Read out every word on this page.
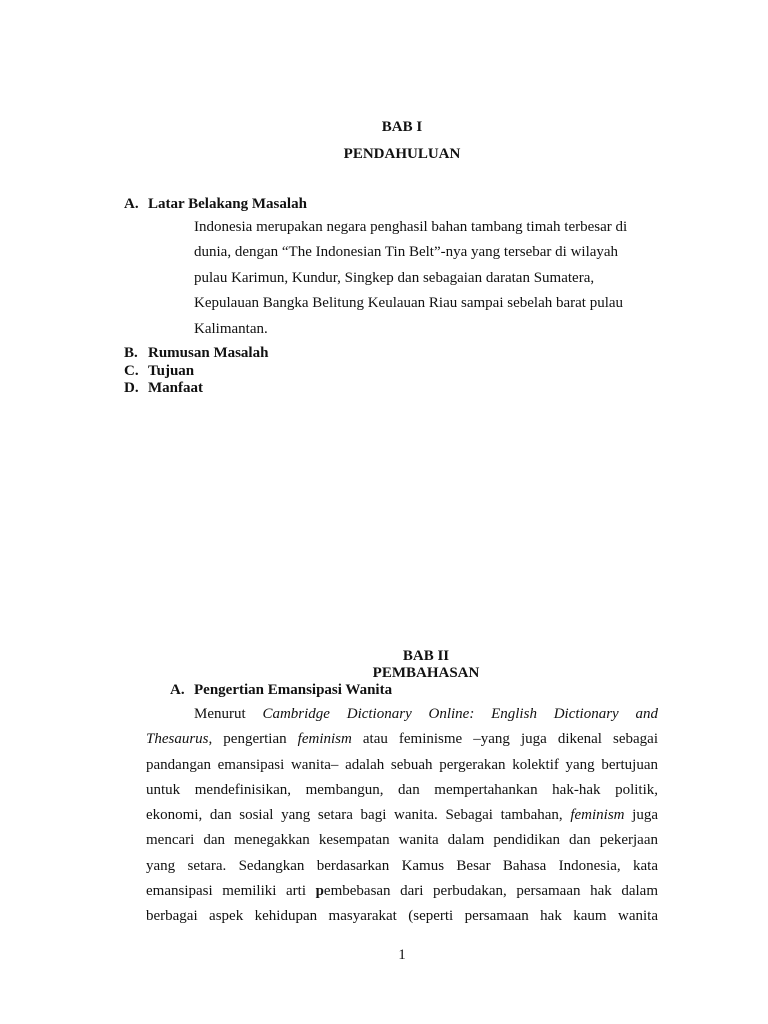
BAB I
PENDAHULUAN
A. Latar Belakang Masalah
Indonesia merupakan negara penghasil bahan tambang timah terbesar di
dunia, dengan “The Indonesian Tin Belt”-nya yang tersebar di wilayah
pulau Karimun, Kundur, Singkep dan sebagaian daratan Sumatera,
Kepulauan Bangka Belitung Keulauan Riau sampai sebelah barat pulau
Kalimantan.
B. Rumusan Masalah
C. Tujuan
D. Manfaat
BAB II
PEMBAHASAN
A. Pengertian Emansipasi Wanita
Menurut Cambridge Dictionary Online: English Dictionary and
Thesaurus, pengertian feminism atau feminisme –yang juga dikenal sebagai
pandangan emansipasi wanita– adalah sebuah pergerakan kolektif yang bertujuan
untuk mendefinisikan, membangun, dan mempertahankan hak-hak politik,
ekonomi, dan sosial yang setara bagi wanita. Sebagai tambahan, feminism juga
mencari dan menegakkan kesempatan wanita dalam pendidikan dan pekerjaan
yang setara. Sedangkan berdasarkan Kamus Besar Bahasa Indonesia, kata
emansipasi memiliki arti pembebasan dari perbudakan, persamaan hak dalam
berbagai aspek kehidupan masyarakat (seperti persamaan hak kaum wanita
1
